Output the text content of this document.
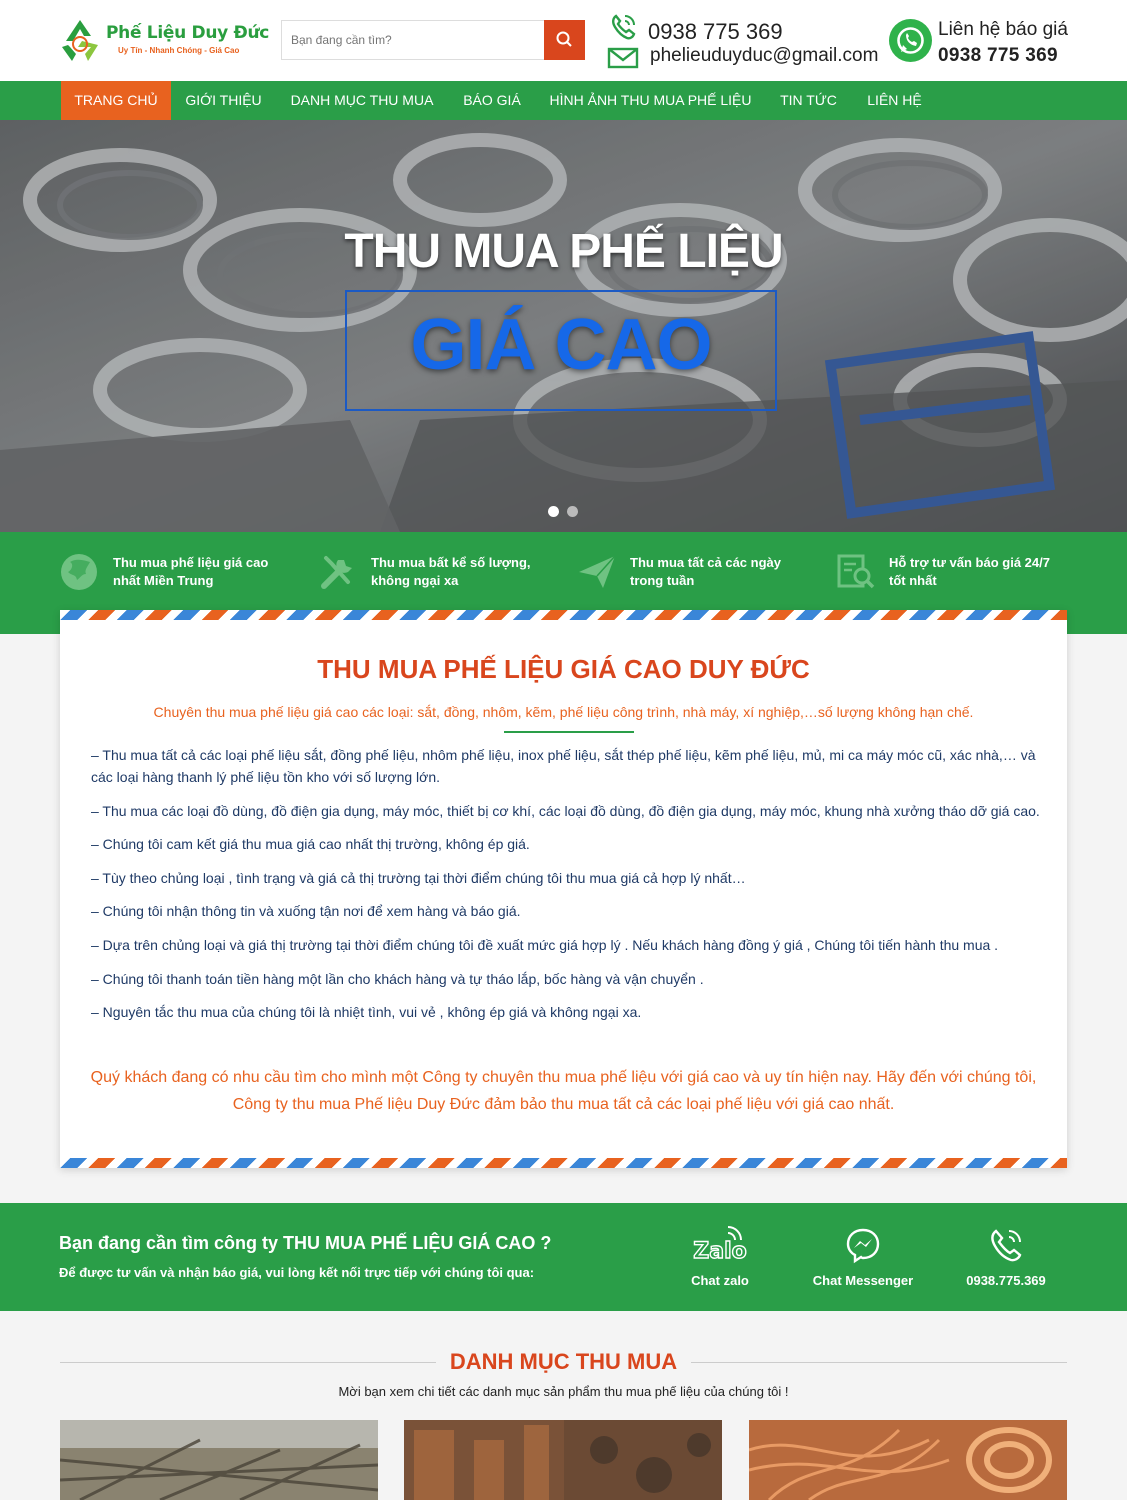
Phế Liệu Duy Đức
Uy Tín - Nhanh Chóng - Giá Cao
Bạn đang cần tìm?
0938 775 369
phelieuduyduc@gmail.com
Liên hệ báo giá
0938 775 369
TRANG CHỦ	GIỚI THIỆU	DANH MỤC THU MUA	BÁO GIÁ	HÌNH ẢNH THU MUA PHẾ LIỆU	TIN TỨC	LIÊN HỆ
THU MUA PHẾ LIỆU
GIÁ CAO
Thu mua phế liệu giá cao
nhất Miền Trung
Thu mua bất kể số lượng,
không ngại xa
Thu mua tất cả các ngày
trong tuần
Hỗ trợ tư vấn báo giá 24/7
tốt nhất
THU MUA PHẾ LIỆU GIÁ CAO DUY ĐỨC
Chuyên thu mua phế liệu giá cao các loại: sắt, đồng, nhôm, kẽm, phế liệu công trình, nhà máy, xí nghiệp,…số lượng không hạn chế.

– Thu mua tất cả các loại phế liệu sắt, đồng phế liệu, nhôm phế liệu, inox phế liệu, sắt thép phế liệu, kẽm phế liệu, mủ, mi ca máy móc cũ, xác nhà,… và các loại hàng thanh lý phế liệu tồn kho với số lượng lớn.

– Thu mua các loại đồ dùng, đồ điện gia dụng, máy móc, thiết bị cơ khí, các loại đồ dùng, đồ điện gia dụng, máy móc, khung nhà xưởng tháo dỡ giá cao.

– Chúng tôi cam kết giá thu mua giá cao nhất thị trường, không ép giá.

– Tùy theo chủng loại , tình trạng và giá cả thị trường tại thời điểm chúng tôi thu mua giá cả hợp lý nhất…

– Chúng tôi nhận thông tin và xuống tận nơi để xem hàng và báo giá.

– Dựa trên chủng loại và giá thị trường tại thời điểm chúng tôi đề xuất mức giá hợp lý . Nếu khách hàng đồng ý giá , Chúng tôi tiến hành thu mua .

– Chúng tôi thanh toán tiền hàng một lần cho khách hàng và tự tháo lắp, bốc hàng và vận chuyển .

– Nguyên tắc thu mua của chúng tôi là nhiệt tình, vui vẻ , không ép giá và không ngại xa.

Quý khách đang có nhu cầu tìm cho mình một Công ty chuyên thu mua phế liệu với giá cao và uy tín hiện nay. Hãy đến với chúng tôi,
Công ty thu mua Phế liệu Duy Đức đảm bảo thu mua tất cả các loại phế liệu với giá cao nhất.
Bạn đang cần tìm công ty THU MUA PHẾ LIỆU GIÁ CAO ?
Để được tư vấn và nhận báo giá, vui lòng kết nối trực tiếp với chúng tôi qua:
Zalo
Chat zalo	Chat Messenger	0938.775.369
DANH MỤC THU MUA
Mời bạn xem chi tiết các danh mục sản phẩm thu mua phế liệu của chúng tôi !
